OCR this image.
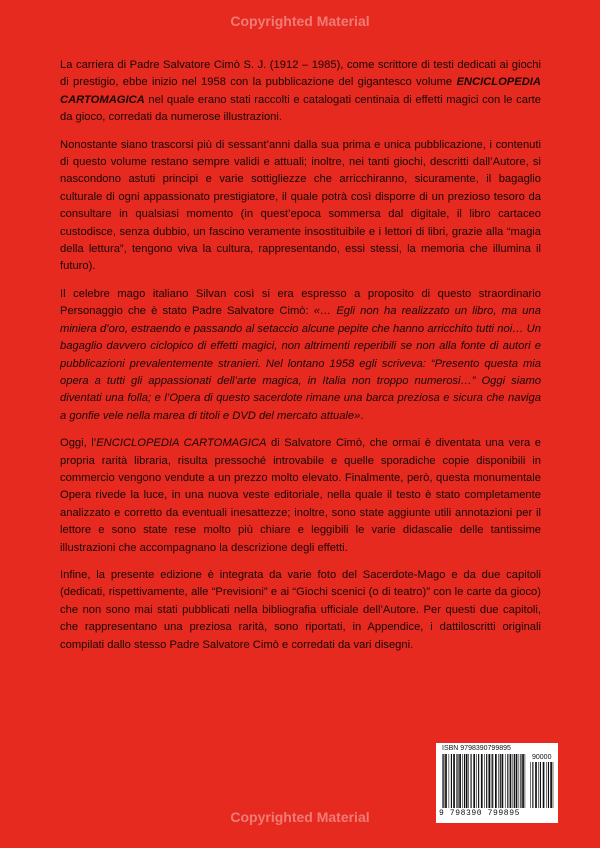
Copyrighted Material

La carriera di Padre Salvatore Cimò S. J. (1912 – 1985), come scrittore di testi dedicati ai giochi di prestigio, ebbe inizio nel 1958 con la pubblicazione del gigantesco volume ENCICLOPEDIA CARTOMAGICA nel quale erano stati raccolti e catalogati centinaia di effetti magici con le carte da gioco, corredati da numerose illustrazioni.

Nonostante siano trascorsi più di sessant’anni dalla sua prima e unica pubblicazione, i contenuti di questo volume restano sempre validi e attuali; inoltre, nei tanti giochi, descritti dall’Autore, si nascondono astuti principi e varie sottigliezze che arricchiranno, sicuramente, il bagaglio culturale di ogni appassionato prestigiatore, il quale potrà così disporre di un prezioso tesoro da consultare in qualsiasi momento (in quest’epoca sommersa dal digitale, il libro cartaceo custodisce, senza dubbio, un fascino veramente insostituibile e i lettori di libri, grazie alla “magia della lettura”, tengono viva la cultura, rappresentando, essi stessi, la memoria che illumina il futuro).

Il celebre mago italiano Silvan così si era espresso a proposito di questo straordinario Personaggio che è stato Padre Salvatore Cimò: «… Egli non ha realizzato un libro, ma una miniera d’oro, estraendo e passando al setaccio alcune pepite che hanno arricchito tutti noi… Un bagaglio davvero ciclopico di effetti magici, non altrimenti reperibili se non alla fonte di autori e pubblicazioni prevalentemente stranieri. Nel lontano 1958 egli scriveva: “Presento questa mia opera a tutti gli appassionati dell’arte magica, in Italia non troppo numerosi…” Oggi siamo diventati una folla; e l’Opera di questo sacerdote rimane una barca preziosa e sicura che naviga a gonfie vele nella marea di titoli e DVD del mercato attuale».

Oggi, l’ENCICLOPEDIA CARTOMAGICA di Salvatore Cimò, che ormai è diventata una vera e propria rarità libraria, risulta pressoché introvabile e quelle sporadiche copie disponibili in commercio vengono vendute a un prezzo molto elevato. Finalmente, però, questa monumentale Opera rivede la luce, in una nuova veste editoriale, nella quale il testo è stato completamente analizzato e corretto da eventuali inesattezze; inoltre, sono state aggiunte utili annotazioni per il lettore e sono state rese molto più chiare e leggibili le varie didascalie delle tantissime illustrazioni che accompagnano la descrizione degli effetti.

Infine, la presente edizione è integrata da varie foto del Sacerdote-Mago e da due capitoli (dedicati, rispettivamente, alle “Previsioni” e ai “Giochi scenici (o di teatro)” con le carte da gioco) che non sono mai stati pubblicati nella bibliografia ufficiale dell’Autore. Per questi due capitoli, che rappresentano una preziosa rarità, sono riportati, in Appendice, i dattiloscritti originali compilati dallo stesso Padre Salvatore Cimò e corredati da vari disegni.

ISBN 9798390799895
90000
9 798390 799895
Copyrighted Material
